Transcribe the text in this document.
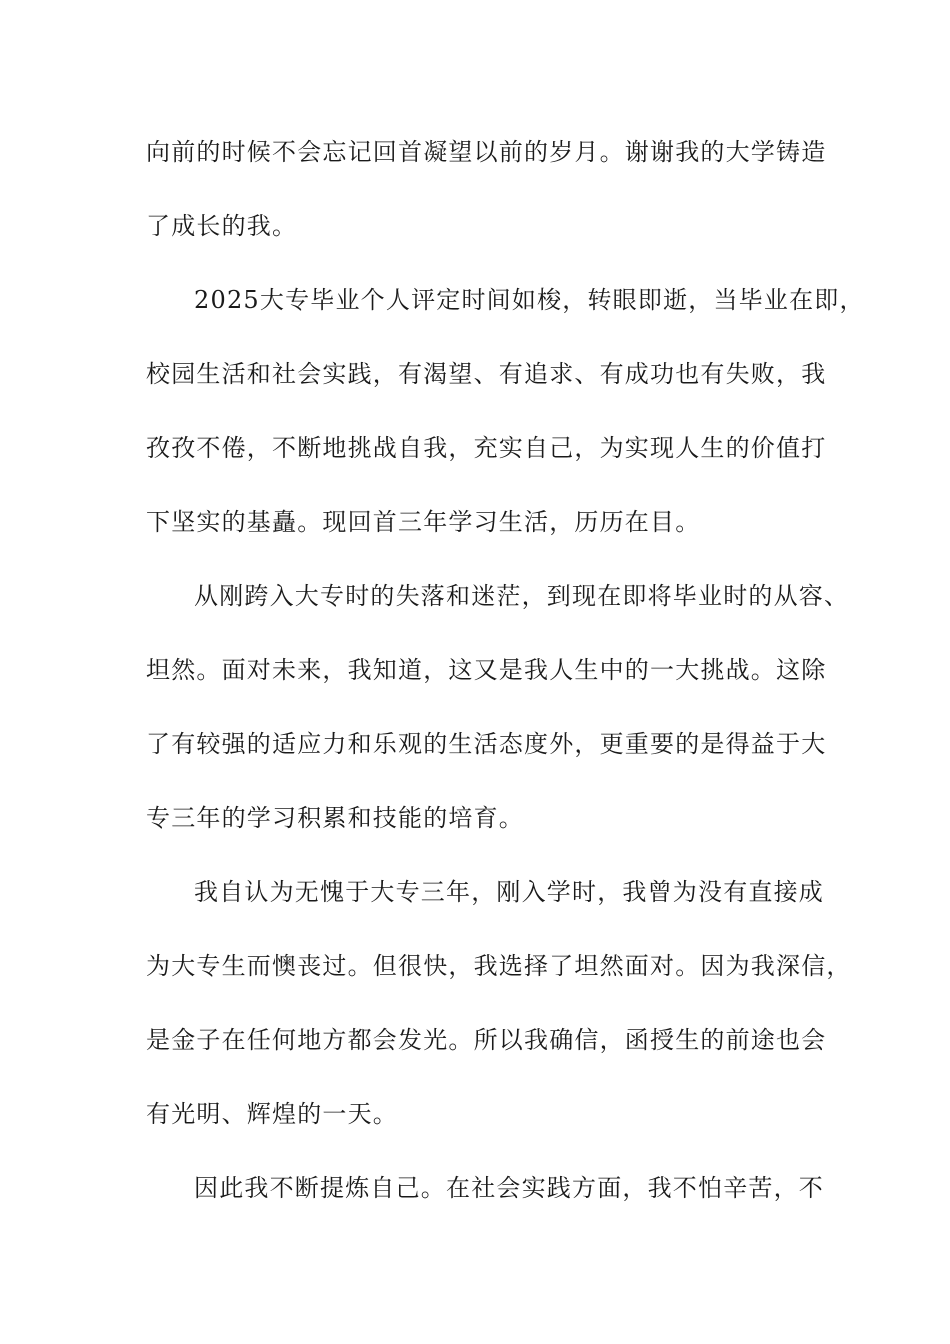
向前的时候不会忘记回首凝望以前的岁月。谢谢我的大学铸造
了成长的我。
2025大专毕业个人评定时间如梭，转眼即逝，当毕业在即，
校园生活和社会实践，有渴望、有追求、有成功也有失败，我
孜孜不倦，不断地挑战自我，充实自己，为实现人生的价值打
下坚实的基矗。现回首三年学习生活，历历在目。
从刚跨入大专时的失落和迷茫，到现在即将毕业时的从容、
坦然。面对未来，我知道，这又是我人生中的一大挑战。这除
了有较强的适应力和乐观的生活态度外，更重要的是得益于大
专三年的学习积累和技能的培育。
我自认为无愧于大专三年，刚入学时，我曾为没有直接成
为大专生而懊丧过。但很快，我选择了坦然面对。因为我深信，
是金子在任何地方都会发光。所以我确信，函授生的前途也会
有光明、辉煌的一天。
因此我不断提炼自己。在社会实践方面，我不怕辛苦，不
